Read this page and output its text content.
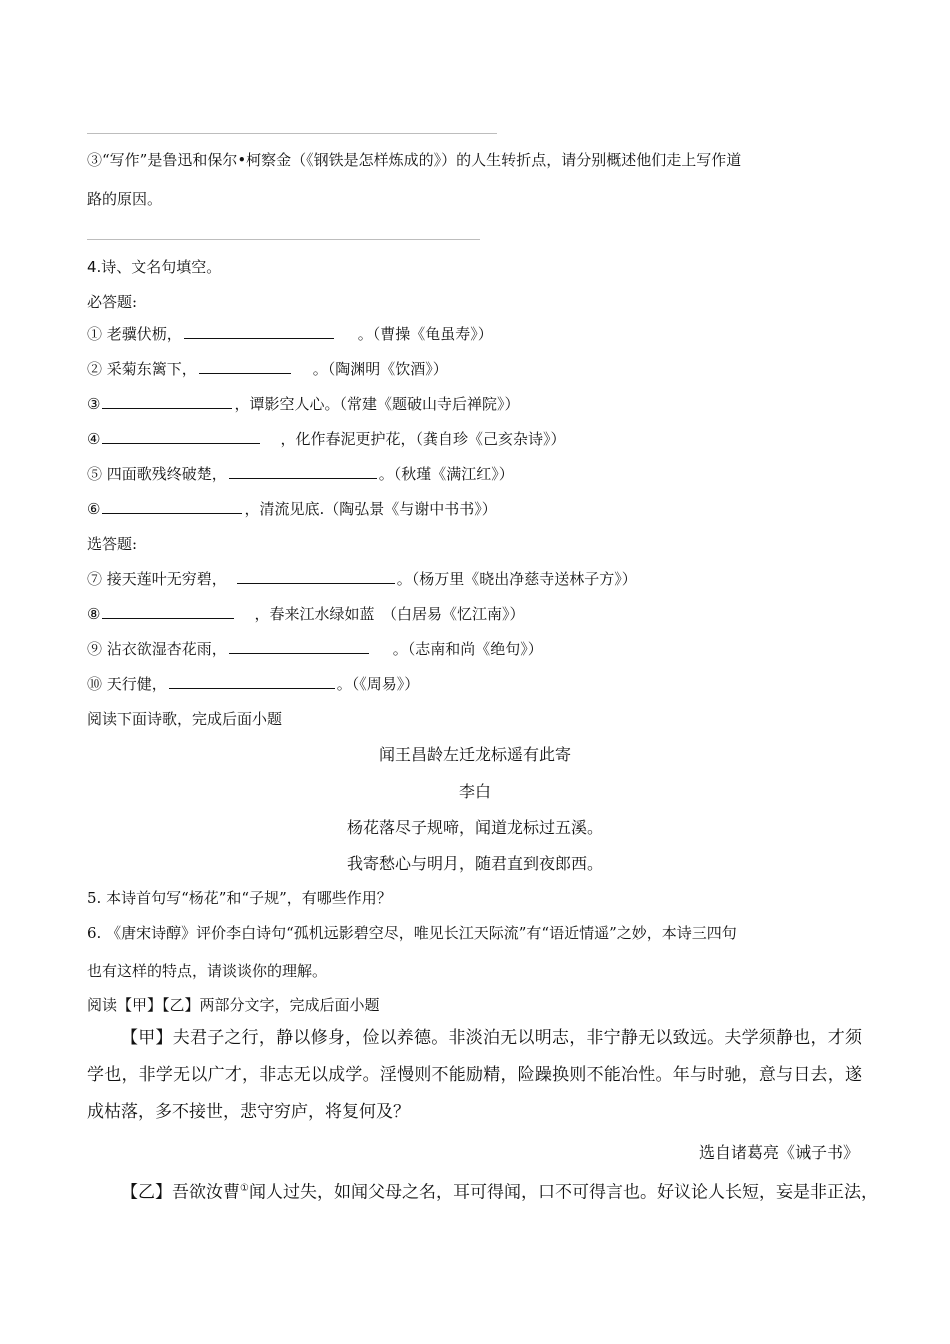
③“写作”是鲁迅和保尔•柯察金（《钢铁是怎样炼成的》）的人生转折点，请分别概述他们走上写作道
路的原因。
4.诗、文名句填空。
必答题:
① 老骥伏枥，	。（曹操《龟虽寿》）
② 采菊东篱下，	。（陶渊明《饮酒》）
③	，谭影空人心。（常建《题破山寺后禅院》）
④	，化作春泥更护花，（龚自珍《己亥杂诗》）
⑤ 四面歌残终破楚，	。（秋瑾《满江红》）
⑥	，清流见底.（陶弘景《与谢中书书》）
选答题:
⑦ 接天莲叶无穷碧，	。（杨万里《晓出净慈寺送林子方》）
⑧	，春来江水绿如蓝　（白居易《忆江南》）
⑨ 沾衣欲湿杏花雨，	。（志南和尚《绝句》）
⑩ 天行健，	。（《周易》）
阅读下面诗歌，完成后面小题
闻王昌龄左迁龙标遥有此寄
李白
杨花落尽子规啼，闻道龙标过五溪。
我寄愁心与明月，随君直到夜郎西。
5. 本诗首句写“杨花”和“子规”，有哪些作用？
6. 《唐宋诗醇》评价李白诗句“孤机远影碧空尽，唯见长江天际流”有“语近情遥”之妙，本诗三四句
也有这样的特点，请谈谈你的理解。
阅读【甲】【乙】两部分文字，完成后面小题
【甲】夫君子之行，静以修身，俭以养德。非淡泊无以明志，非宁静无以致远。夫学须静也，才须学也，非学无以广才，非志无以成学。淫慢则不能励精，险躁换则不能冶性。年与时驰，意与日去，遂成枯落，多不接世，悲守穷庐，将复何及？
选自诸葛亮《诫子书》
【乙】吾欲汝曹①闻人过失，如闻父母之名，耳可得闻，口不可得言也。好议论人长短，妄是非正法，
